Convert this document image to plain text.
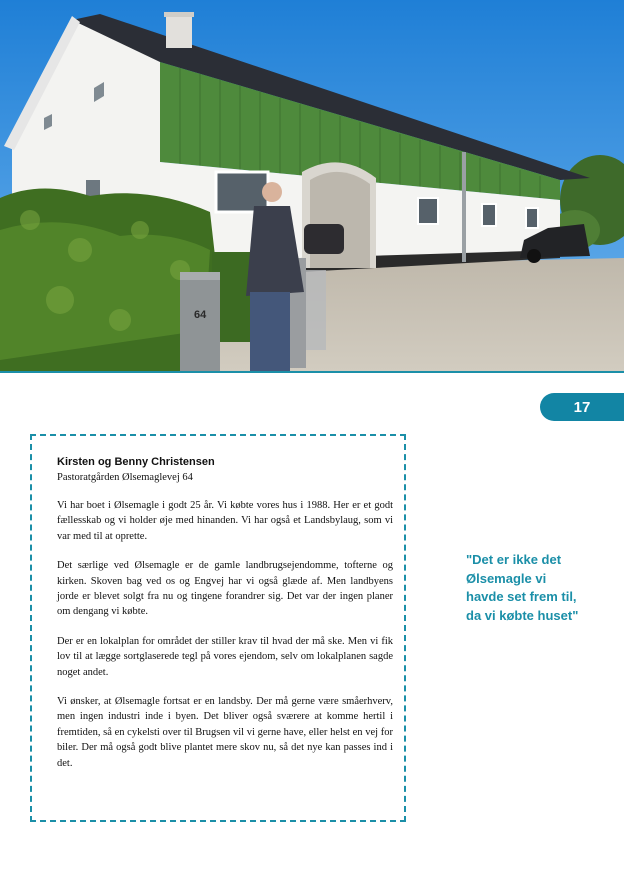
64
17

Kirsten og Benny Christensen

Pastoratgården Ølsemaglevej 64

Vi har boet i Ølsemagle i godt 25 år. Vi købte vores hus i 1988. Her er et godt fællesskab og vi holder øje med hinanden. Vi har også et Landsbylaug, som vi var med til at oprette.

Det særlige ved Ølsemagle er de gamle landbrugsejendomme, tofterne og kirken. Skoven bag ved os og Engvej har vi også glæde af. Men landbyens jorde er blevet solgt fra nu og tingene forandrer sig. Det var der ingen planer om dengang vi købte.

Der er en lokalplan for området der stiller krav til hvad der må ske. Men vi fik lov til at lægge sortglaserede tegl på vores ejendom, selv om lokalplanen sagde noget andet.

Vi ønsker, at Ølsemagle fortsat er en landsby. Der må gerne være småerhverv, men ingen industri inde i byen. Det bliver også sværere at komme hertil i fremtiden, så en cykelsti over til Brugsen vil vi gerne have, eller helst en vej for biler. Der må også godt blive plantet mere skov nu, så det nye kan passes ind i det.

"Det er ikke det Ølsemagle vi havde set frem til, da vi købte huset"
